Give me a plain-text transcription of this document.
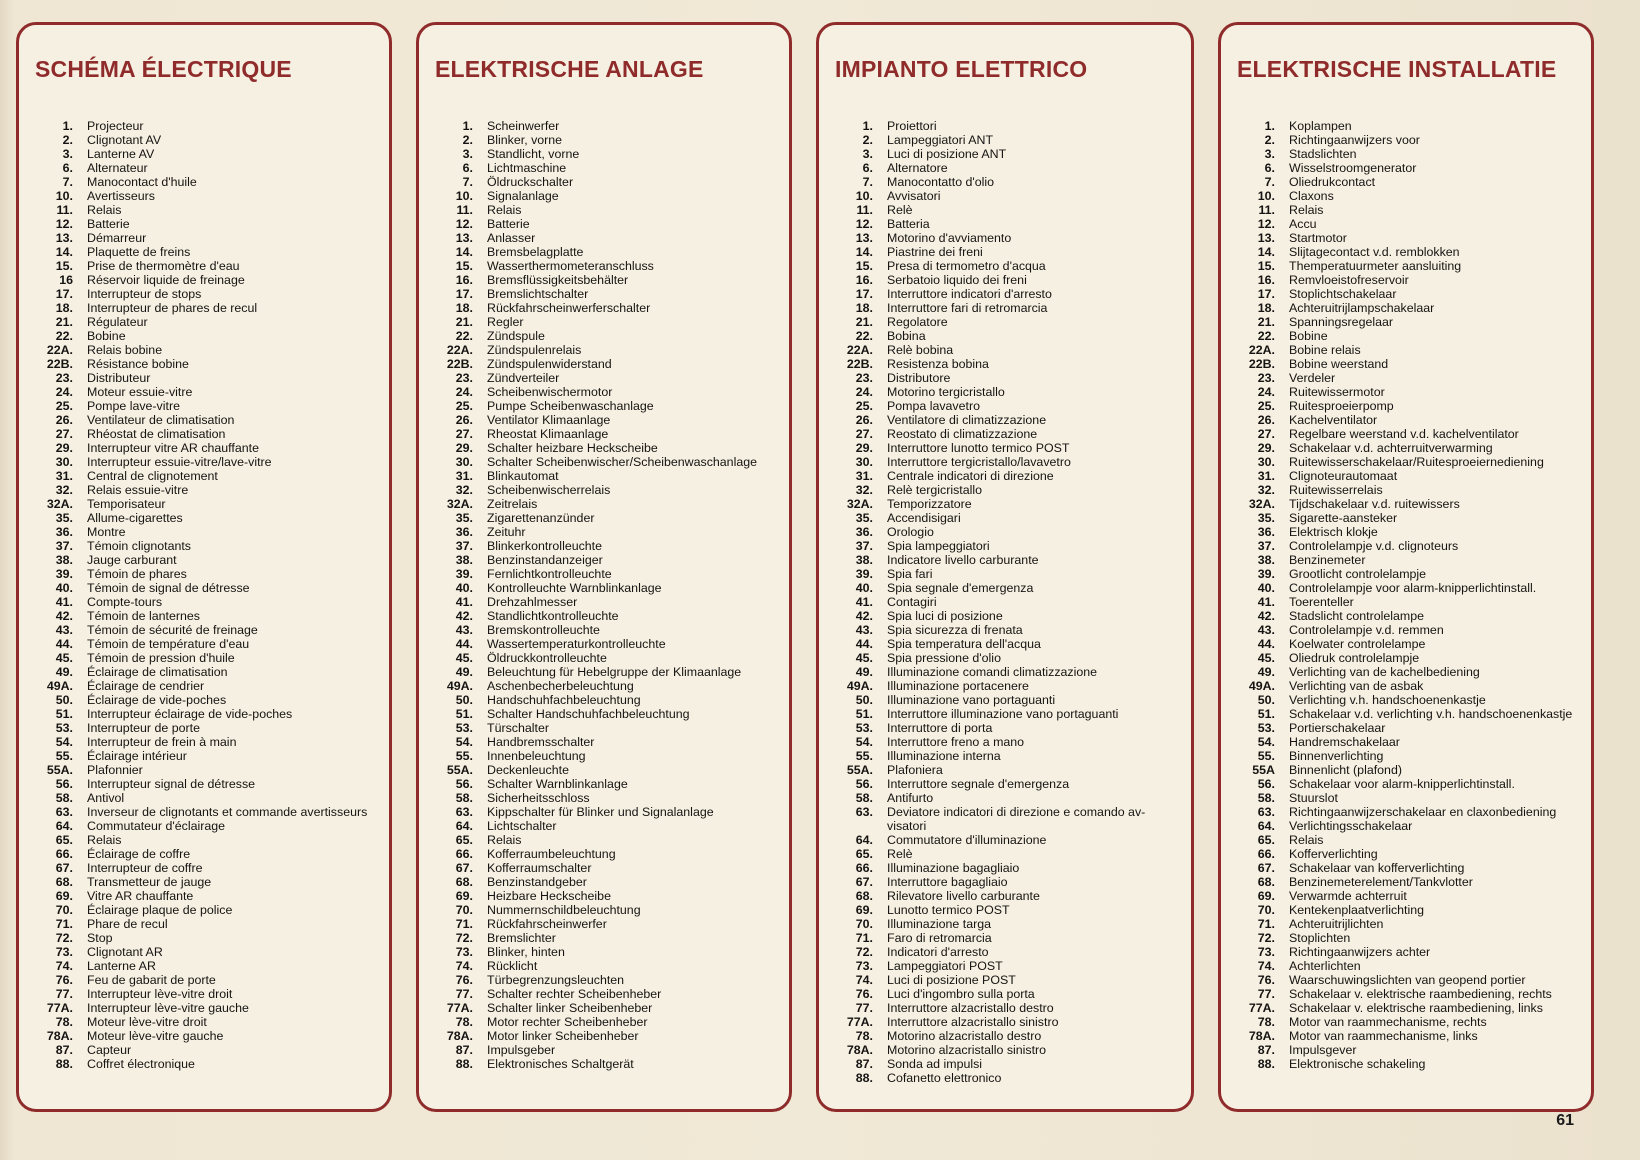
SCHÉMA ÉLECTRIQUE
1.	Projecteur
2.	Clignotant AV
3.	Lanterne AV
6.	Alternateur
7.	Manocontact d'huile
10.	Avertisseurs
11.	Relais
12.	Batterie
13.	Démarreur
14.	Plaquette de freins
15.	Prise de thermomètre d'eau
16	Réservoir liquide de freinage
17.	Interrupteur de stops
18.	Interrupteur de phares de recul
21.	Régulateur
22.	Bobine
22A.	Relais bobine
22B.	Résistance bobine
23.	Distributeur
24.	Moteur essuie-vitre
25.	Pompe lave-vitre
26.	Ventilateur de climatisation
27.	Rhéostat de climatisation
29.	Interrupteur vitre AR chauffante
30.	Interrupteur essuie-vitre/lave-vitre
31.	Central de clignotement
32.	Relais essuie-vitre
32A.	Temporisateur
35.	Allume-cigarettes
36.	Montre
37.	Témoin clignotants
38.	Jauge carburant
39.	Témoin de phares
40.	Témoin de signal de détresse
41.	Compte-tours
42.	Témoin de lanternes
43.	Témoin de sécurité de freinage
44.	Témoin de température d'eau
45.	Témoin de pression d'huile
49.	Éclairage de climatisation
49A.	Éclairage de cendrier
50.	Éclairage de vide-poches
51.	Interrupteur éclairage de vide-poches
53.	Interrupteur de porte
54.	Interrupteur de frein à main
55.	Éclairage intérieur
55A.	Plafonnier
56.	Interrupteur signal de détresse
58.	Antivol
63.	Inverseur de clignotants et commande avertisseurs
64.	Commutateur d'éclairage
65.	Relais
66.	Éclairage de coffre
67.	Interrupteur de coffre
68.	Transmetteur de jauge
69.	Vitre AR chauffante
70.	Éclairage plaque de police
71.	Phare de recul
72.	Stop
73.	Clignotant AR
74.	Lanterne AR
76.	Feu de gabarit de porte
77.	Interrupteur lève-vitre droit
77A.	Interrupteur lève-vitre gauche
78.	Moteur lève-vitre droit
78A.	Moteur lève-vitre gauche
87.	Capteur
88.	Coffret électronique
ELEKTRISCHE ANLAGE
1.	Scheinwerfer
2.	Blinker, vorne
3.	Standlicht, vorne
6.	Lichtmaschine
7.	Öldruckschalter
10.	Signalanlage
11.	Relais
12.	Batterie
13.	Anlasser
14.	Bremsbelagplatte
15.	Wasserthermometeranschluss
16.	Bremsflüssigkeitsbehälter
17.	Bremslichtschalter
18.	Rückfahrscheinwerferschalter
21.	Regler
22.	Zündspule
22A.	Zündspulenrelais
22B.	Zündspulenwiderstand
23.	Zündverteiler
24.	Scheibenwischermotor
25.	Pumpe Scheibenwaschanlage
26.	Ventilator Klimaanlage
27.	Rheostat Klimaanlage
29.	Schalter heizbare Heckscheibe
30.	Schalter Scheibenwischer/Scheibenwaschanlage
31.	Blinkautomat
32.	Scheibenwischerrelais
32A.	Zeitrelais
35.	Zigarettenanzünder
36.	Zeituhr
37.	Blinkerkontrolleuchte
38.	Benzinstandanzeiger
39.	Fernlichtkontrolleuchte
40.	Kontrolleuchte Warnblinkanlage
41.	Drehzahlmesser
42.	Standlichtkontrolleuchte
43.	Bremskontrolleuchte
44.	Wassertemperaturkontrolleuchte
45.	Öldruckkontrolleuchte
49.	Beleuchtung für Hebelgruppe der Klimaanlage
49A.	Aschenbecherbeleuchtung
50.	Handschuhfachbeleuchtung
51.	Schalter Handschuhfachbeleuchtung
53.	Türschalter
54.	Handbremsschalter
55.	Innenbeleuchtung
55A.	Deckenleuchte
56.	Schalter Warnblinkanlage
58.	Sicherheitsschloss
63.	Kippschalter für Blinker und Signalanlage
64.	Lichtschalter
65.	Relais
66.	Kofferraumbeleuchtung
67.	Kofferraumschalter
68.	Benzinstandgeber
69.	Heizbare Heckscheibe
70.	Nummernschildbeleuchtung
71.	Rückfahrscheinwerfer
72.	Bremslichter
73.	Blinker, hinten
74.	Rücklicht
76.	Türbegrenzungsleuchten
77.	Schalter rechter Scheibenheber
77A.	Schalter linker Scheibenheber
78.	Motor rechter Scheibenheber
78A.	Motor linker Scheibenheber
87.	Impulsgeber
88.	Elektronisches Schaltgerät
IMPIANTO ELETTRICO
1.	Proiettori
2.	Lampeggiatori ANT
3.	Luci di posizione ANT
6.	Alternatore
7.	Manocontatto d'olio
10.	Avvisatori
11.	Relè
12.	Batteria
13.	Motorino d'avviamento
14.	Piastrine dei freni
15.	Presa di termometro d'acqua
16.	Serbatoio liquido dei freni
17.	Interruttore indicatori d'arresto
18.	Interruttore fari di retromarcia
21.	Regolatore
22.	Bobina
22A.	Relè bobina
22B.	Resistenza bobina
23.	Distributore
24.	Motorino tergicristallo
25.	Pompa lavavetro
26.	Ventilatore di climatizzazione
27.	Reostato di climatizzazione
29.	Interruttore lunotto termico POST
30.	Interruttore tergicristallo/lavavetro
31.	Centrale indicatori di direzione
32.	Relè tergicristallo
32A.	Temporizzatore
35.	Accendisigari
36.	Orologio
37.	Spia lampeggiatori
38.	Indicatore livello carburante
39.	Spia fari
40.	Spia segnale d'emergenza
41.	Contagiri
42.	Spia luci di posizione
43.	Spia sicurezza di frenata
44.	Spia temperatura dell'acqua
45.	Spia pressione d'olio
49.	Illuminazione comandi climatizzazione
49A.	Illuminazione portacenere
50.	Illuminazione vano portaguanti
51.	Interruttore illuminazione vano portaguanti
53.	Interruttore di porta
54.	Interruttore freno a mano
55.	Illuminazione interna
55A.	Plafoniera
56.	Interruttore segnale d'emergenza
58.	Antifurto
63.	Deviatore indicatori di direzione e comando av-
visatori
64.	Commutatore d'illuminazione
65.	Relè
66.	Illuminazione bagagliaio
67.	Interruttore bagagliaio
68.	Rilevatore livello carburante
69.	Lunotto termico POST
70.	Illuminazione targa
71.	Faro di retromarcia
72.	Indicatori d'arresto
73.	Lampeggiatori POST
74.	Luci di posizione POST
76.	Luci d'ingombro sulla porta
77.	Interruttore alzacristallo destro
77A.	Interruttore alzacristallo sinistro
78.	Motorino alzacristallo destro
78A.	Motorino alzacristallo sinistro
87.	Sonda ad impulsi
88.	Cofanetto elettronico
ELEKTRISCHE INSTALLATIE
1.	Koplampen
2.	Richtingaanwijzers voor
3.	Stadslichten
6.	Wisselstroomgenerator
7.	Oliedrukcontact
10.	Claxons
11.	Relais
12.	Accu
13.	Startmotor
14.	Slijtagecontact v.d. remblokken
15.	Themperatuurmeter aansluiting
16.	Remvloeistofreservoir
17.	Stoplichtschakelaar
18.	Achteruitrijlampschakelaar
21.	Spanningsregelaar
22.	Bobine
22A.	Bobine relais
22B.	Bobine weerstand
23.	Verdeler
24.	Ruitewissermotor
25.	Ruitesproeierpomp
26.	Kachelventilator
27.	Regelbare weerstand v.d. kachelventilator
29.	Schakelaar v.d. achterruitverwarming
30.	Ruitewisserschakelaar/Ruitesproeiernediening
31.	Clignoteurautomaat
32.	Ruitewisserrelais
32A.	Tijdschakelaar v.d. ruitewissers
35.	Sigarette-aansteker
36.	Elektrisch klokje
37.	Controlelampje v.d. clignoteurs
38.	Benzinemeter
39.	Grootlicht controlelampje
40.	Controlelampje voor alarm-knipperlichtinstall.
41.	Toerenteller
42.	Stadslicht controlelampe
43.	Controlelampje v.d. remmen
44.	Koelwater controlelampe
45.	Oliedruk controlelampje
49.	Verlichting van de kachelbediening
49A.	Verlichting van de asbak
50.	Verlichting v.h. handschoenenkastje
51.	Schakelaar v.d. verlichting v.h. handschoenenkastje
53.	Portierschakelaar
54.	Handremschakelaar
55.	Binnenverlichting
55A	Binnenlicht (plafond)
56.	Schakelaar voor alarm-knipperlichtinstall.
58.	Stuurslot
63.	Richtingaanwijzerschakelaar en claxonbediening
64.	Verlichtingsschakelaar
65.	Relais
66.	Kofferverlichting
67.	Schakelaar van kofferverlichting
68.	Benzinemeterelement/Tankvlotter
69.	Verwarmde achterruit
70.	Kentekenplaatverlichting
71.	Achteruitrijlichten
72.	Stoplichten
73.	Richtingaanwijzers achter
74.	Achterlichten
76.	Waarschuwingslichten van geopend portier
77.	Schakelaar v. elektrische raambediening, rechts
77A.	Schakelaar v. elektrische raambediening, links
78.	Motor van raammechanisme, rechts
78A.	Motor van raammechanisme, links
87.	Impulsgever
88.	Elektronische schakeling
61
